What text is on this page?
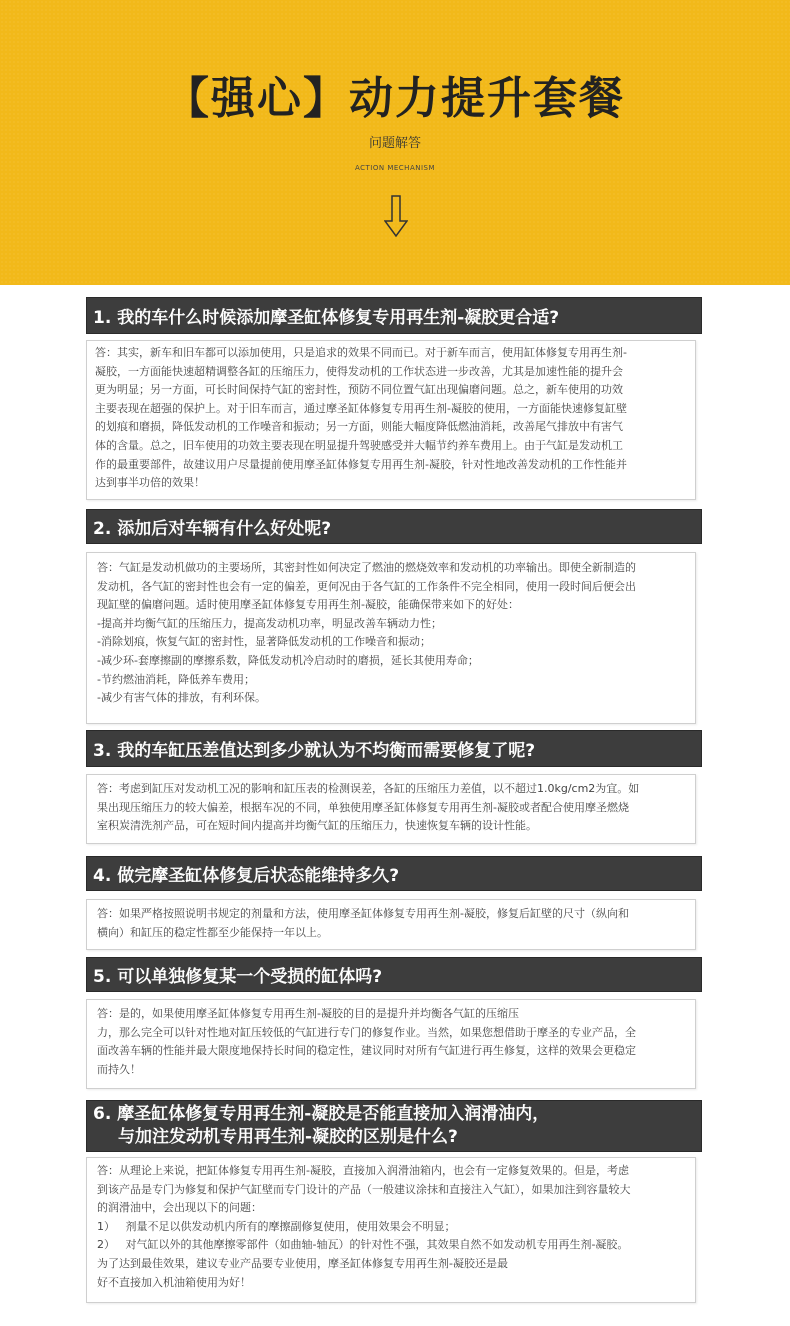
【强心】动力提升套餐
问题解答
ACTION MECHANISM
1. 我的车什么时候添加摩圣缸体修复专用再生剂-凝胶更合适?

答：其实，新车和旧车都可以添加使用，只是追求的效果不同而已。对于新车而言，使用缸体修复专用再生剂-

凝胶，一方面能快速超精调整各缸的压缩压力，使得发动机的工作状态进一步改善，尤其是加速性能的提升会

更为明显；另一方面，可长时间保持气缸的密封性，预防不同位置气缸出现偏磨问题。总之，新车使用的功效

主要表现在超强的保护上。对于旧车而言，通过摩圣缸体修复专用再生剂-凝胶的使用，一方面能快速修复缸壁

的划痕和磨损，降低发动机的工作噪音和振动；另一方面，则能大幅度降低燃油消耗，改善尾气排放中有害气

体的含量。总之，旧车使用的功效主要表现在明显提升驾驶感受并大幅节约养车费用上。由于气缸是发动机工

作的最重要部件，故建议用户尽量提前使用摩圣缸体修复专用再生剂-凝胶，针对性地改善发动机的工作性能并

达到事半功倍的效果！

2. 添加后对车辆有什么好处呢?

答：气缸是发动机做功的主要场所，其密封性如何决定了燃油的燃烧效率和发动机的功率输出。即使全新制造的

发动机，各气缸的密封性也会有一定的偏差，更何况由于各气缸的工作条件不完全相同，使用一段时间后便会出

现缸壁的偏磨问题。适时使用摩圣缸体修复专用再生剂-凝胶，能确保带来如下的好处：

-提高并均衡气缸的压缩压力，提高发动机功率，明显改善车辆动力性；

-消除划痕，恢复气缸的密封性，显著降低发动机的工作噪音和振动；

-减少环-套摩擦副的摩擦系数，降低发动机冷启动时的磨损，延长其使用寿命；

-节约燃油消耗，降低养车费用；

-减少有害气体的排放，有利环保。

3. 我的车缸压差值达到多少就认为不均衡而需要修复了呢?

答：考虑到缸压对发动机工况的影响和缸压表的检测误差，各缸的压缩压力差值，以不超过1.0kg/cm2为宜。如

果出现压缩压力的较大偏差，根据车况的不同，单独使用摩圣缸体修复专用再生剂-凝胶或者配合使用摩圣燃烧

室积炭清洗剂产品，可在短时间内提高并均衡气缸的压缩压力，快速恢复车辆的设计性能。

4. 做完摩圣缸体修复后状态能维持多久?

答：如果严格按照说明书规定的剂量和方法，使用摩圣缸体修复专用再生剂-凝胶，修复后缸壁的尺寸（纵向和

横向）和缸压的稳定性都至少能保持一年以上。

5. 可以单独修复某一个受损的缸体吗?

答：是的，如果使用摩圣缸体修复专用再生剂-凝胶的目的是提升并均衡各气缸的压缩压

力，那么完全可以针对性地对缸压较低的气缸进行专门的修复作业。当然，如果您想借助于摩圣的专业产品，全

面改善车辆的性能并最大限度地保持长时间的稳定性，建议同时对所有气缸进行再生修复，这样的效果会更稳定

而持久！

6. 摩圣缸体修复专用再生剂-凝胶是否能直接加入润滑油内，
与加注发动机专用再生剂-凝胶的区别是什么?

答：从理论上来说，把缸体修复专用再生剂-凝胶，直接加入润滑油箱内，也会有一定修复效果的。但是，考虑

到该产品是专门为修复和保护气缸壁而专门设计的产品（一般建议涂抹和直接注入气缸），如果加注到容量较大

的润滑油中，会出现以下的问题：

1）   剂量不足以供发动机内所有的摩擦副修复使用，使用效果会不明显；

2）   对气缸以外的其他摩擦零部件（如曲轴-轴瓦）的针对性不强，其效果自然不如发动机专用再生剂-凝胶。

为了达到最佳效果，建议专业产品要专业使用，摩圣缸体修复专用再生剂-凝胶还是最

好不直接加入机油箱使用为好！
